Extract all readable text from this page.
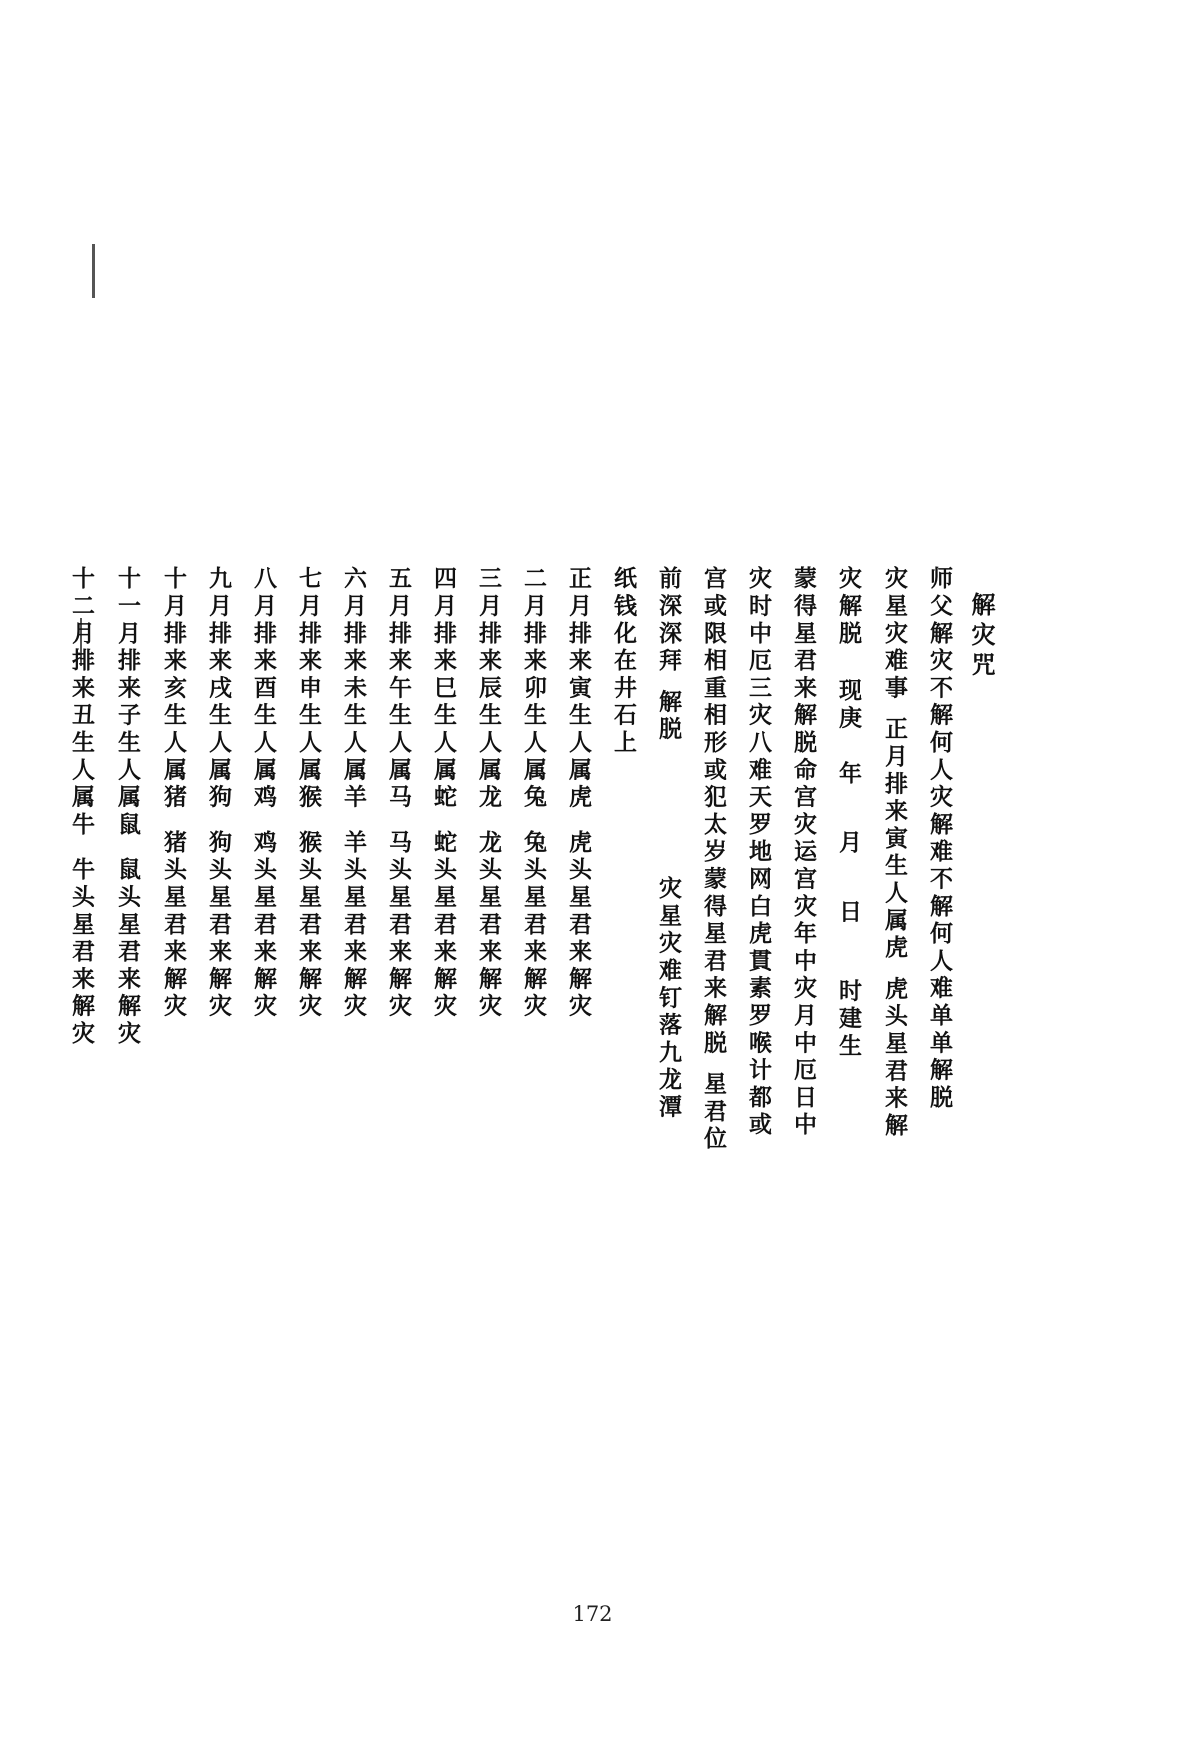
解灾咒
师父解灾不解何人灾解难不解何人难单单解脱
灾星灾难事正月排来寅生人属虎虎头星君来解
灾解脱现庚年月日时建生
蒙得星君来解脱命宫灾运宫灾年中灾月中厄日中
灾时中厄三灾八难天罗地网白虎貫素罗喉计都或
宫或限相重相形或犯太岁蒙得星君来解脱星君位
前深深拜解脱灾星灾难钉落九龙潭
纸钱化在井石上
正月排来寅生人属虎虎头星君来解灾
二月排来卯生人属兔兔头星君来解灾
三月排来辰生人属龙龙头星君来解灾
四月排来巳生人属蛇蛇头星君来解灾
五月排来午生人属马马头星君来解灾
六月排来未生人属羊羊头星君来解灾
七月排来申生人属猴猴头星君来解灾
八月排来酉生人属鸡鸡头星君来解灾
九月排来戌生人属狗狗头星君来解灾
十月排来亥生人属猪猪头星君来解灾
十一月排来子生人属鼠鼠头星君来解灾
十二月排来丑生人属牛牛头星君来解灾
172
